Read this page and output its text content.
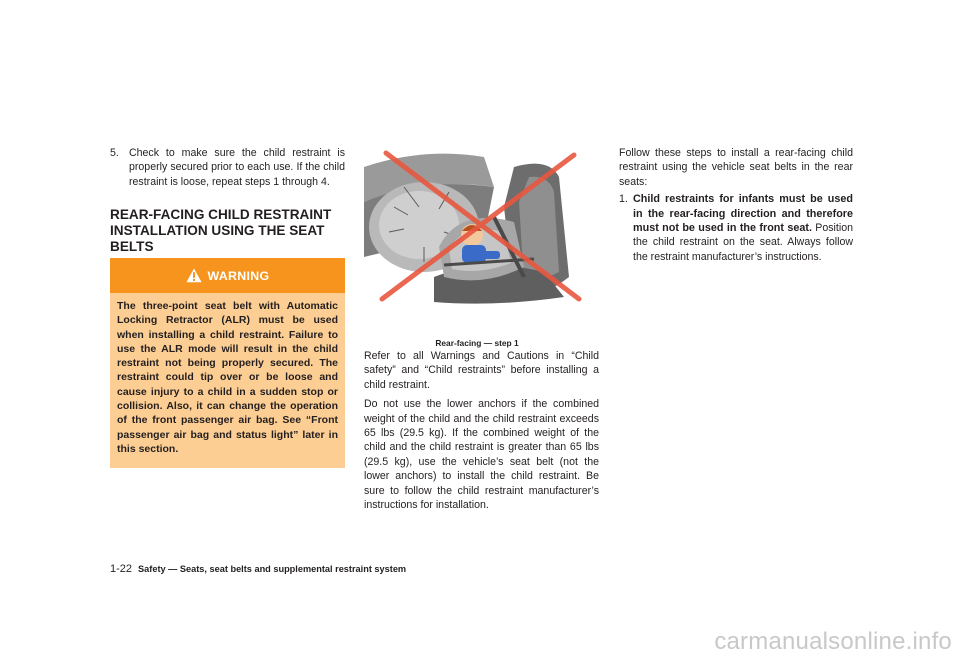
5. Check to make sure the child restraint is properly secured prior to each use. If the child restraint is loose, repeat steps 1 through 4.

REAR-FACING CHILD RESTRAINT INSTALLATION USING THE SEAT BELTS
WARNING
The three-point seat belt with Automatic Locking Retractor (ALR) must be used when installing a child restraint. Failure to use the ALR mode will result in the child restraint not being properly secured. The restraint could tip over or be loose and cause injury to a child in a sudden stop or collision. Also, it can change the operation of the front passenger air bag. See “Front passenger air bag and status light” later in this section.
Rear-facing — step 1

Refer to all Warnings and Cautions in “Child safety” and “Child restraints” before installing a child restraint.

Do not use the lower anchors if the combined weight of the child and the child restraint exceeds 65 lbs (29.5 kg). If the combined weight of the child and the child restraint is greater than 65 lbs (29.5 kg), use the vehicle’s seat belt (not the lower anchors) to install the child restraint. Be sure to follow the child restraint manufacturer’s instructions for installation.

Follow these steps to install a rear-facing child restraint using the vehicle seat belts in the rear seats:

1. Child restraints for infants must be used in the rear-facing direction and therefore must not be used in the front seat. Position the child restraint on the seat. Always follow the restraint manufacturer’s instructions.

1-22 Safety — Seats, seat belts and supplemental restraint system
carmanualsonline.info
